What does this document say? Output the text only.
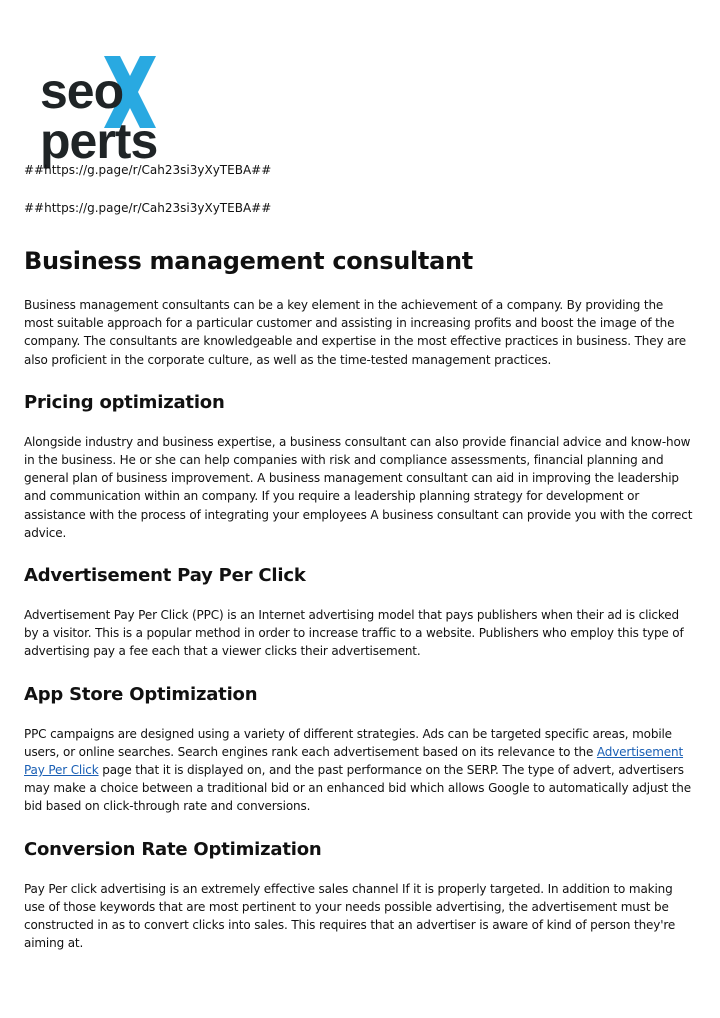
seoperts

##https://g.page/r/Cah23si3yXyTEBA##

##https://g.page/r/Cah23si3yXyTEBA##

Business management consultant

Business management consultants can be a key element in the achievement of a company. By providing the most suitable approach for a particular customer and assisting in increasing profits and boost the image of the company. The consultants are knowledgeable and expertise in the most effective practices in business. They are also proficient in the corporate culture, as well as the time-tested management practices.

Pricing optimization

Alongside industry and business expertise, a business consultant can also provide financial advice and know-how in the business. He or she can help companies with risk and compliance assessments, financial planning and general plan of business improvement. A business management consultant can aid in improving the leadership and communication within an company. If you require a leadership planning strategy for development or assistance with the process of integrating your employees A business consultant can provide you with the correct advice.

Advertisement Pay Per Click

Advertisement Pay Per Click (PPC) is an Internet advertising model that pays publishers when their ad is clicked by a visitor. This is a popular method in order to increase traffic to a website. Publishers who employ this type of advertising pay a fee each that a viewer clicks their advertisement.

App Store Optimization

PPC campaigns are designed using a variety of different strategies. Ads can be targeted specific areas, mobile users, or online searches. Search engines rank each advertisement based on its relevance to the Advertisement Pay Per Click page that it is displayed on, and the past performance on the SERP. The type of advert, advertisers may make a choice between a traditional bid or an enhanced bid which allows Google to automatically adjust the bid based on click-through rate and conversions.

Conversion Rate Optimization

Pay Per click advertising is an extremely effective sales channel If it is properly targeted. In addition to making use of those keywords that are most pertinent to your needs possible advertising, the advertisement must be constructed in as to convert clicks into sales. This requires that an advertiser is aware of kind of person they're aiming at.
